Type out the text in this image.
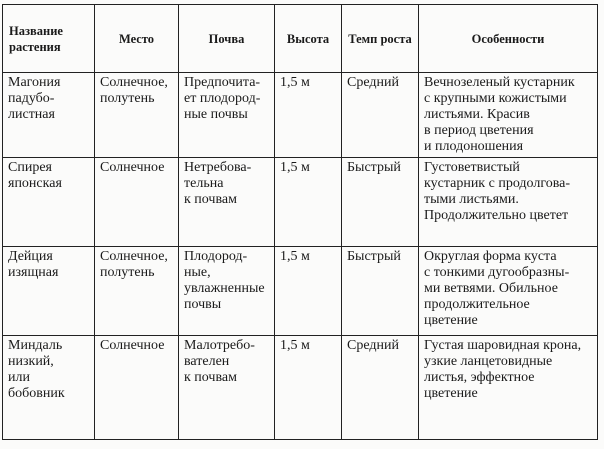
Название
растения	Место	Почва	Высота	Темп роста	Особенности

Магония
падубо-
листная	Солнечное,
полутень	Предпочита-
ет плодород-
ные почвы	1,5 м	Средний	Вечнозеленый кустарник
с крупными кожистыми
листьями. Красив
в период цветения
и плодоношения

Спирея
японская	Солнечное	Нетребова-
тельна
к почвам	1,5 м	Быстрый	Густоветвистый
кустарник с продолгова-
тыми листьями.
Продолжительно цветет

Дейция
изящная	Солнечное,
полутень	Плодород-
ные,
увлажненные
почвы	1,5 м	Быстрый	Округлая форма куста
с тонкими дугообразны-
ми ветвями. Обильное
продолжительное
цветение

Миндаль
низкий,
или
бобовник	Солнечное	Малотребо-
вателен
к почвам	1,5 м	Средний	Густая шаровидная крона,
узкие ланцетовидные
листья, эффектное
цветение
